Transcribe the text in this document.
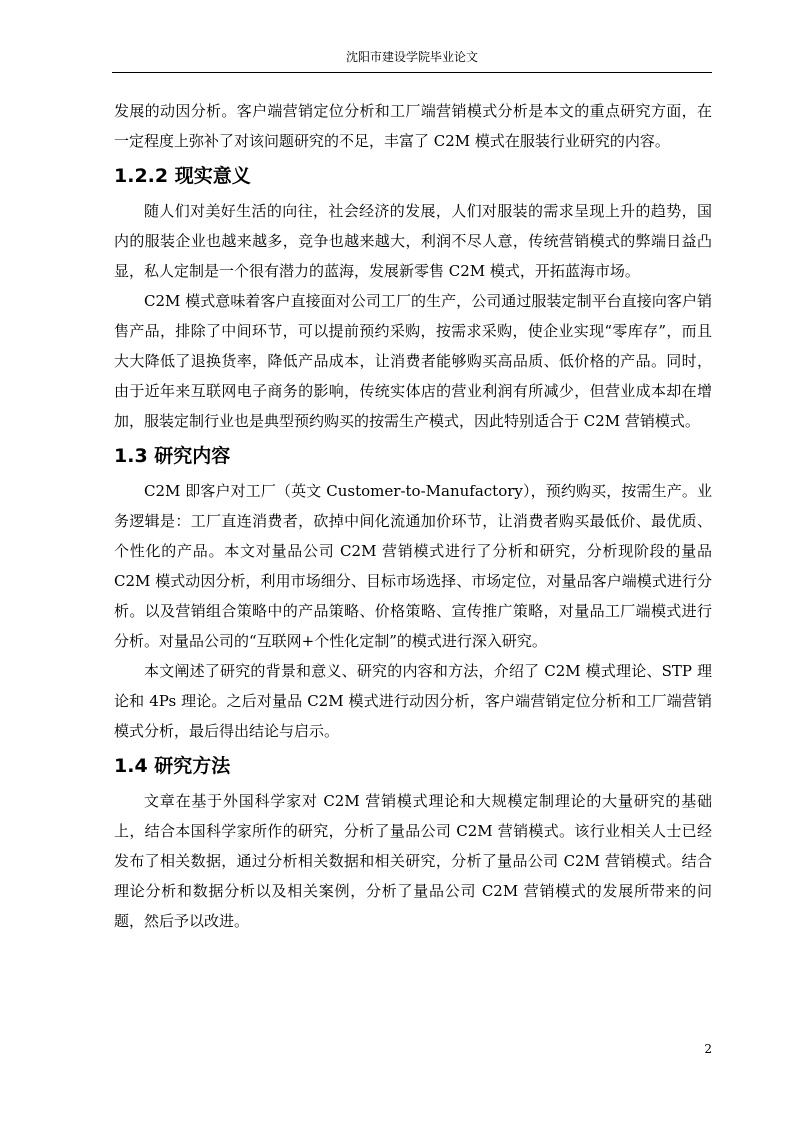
沈阳市建设学院毕业论文

发展的动因分析。客户端营销定位分析和工厂端营销模式分析是本文的重点研究方面，在一定程度上弥补了对该问题研究的不足，丰富了 C2M 模式在服装行业研究的内容。

1.2.2 现实意义

随人们对美好生活的向往，社会经济的发展，人们对服装的需求呈现上升的趋势，国内的服装企业也越来越多，竞争也越来越大，利润不尽人意，传统营销模式的弊端日益凸显，私人定制是一个很有潜力的蓝海，发展新零售 C2M 模式，开拓蓝海市场。

C2M 模式意味着客户直接面对公司工厂的生产，公司通过服装定制平台直接向客户销售产品，排除了中间环节，可以提前预约采购，按需求采购，使企业实现“零库存”，而且大大降低了退换货率，降低产品成本，让消费者能够购买高品质、低价格的产品。同时，由于近年来互联网电子商务的影响，传统实体店的营业利润有所减少，但营业成本却在增加，服装定制行业也是典型预约购买的按需生产模式，因此特别适合于 C2M 营销模式。

1.3 研究内容

C2M 即客户对工厂（英文 Customer-to-Manufactory），预约购买，按需生产。业务逻辑是：工厂直连消费者，砍掉中间化流通加价环节，让消费者购买最低价、最优质、个性化的产品。本文对量品公司 C2M 营销模式进行了分析和研究，分析现阶段的量品 C2M 模式动因分析，利用市场细分、目标市场选择、市场定位，对量品客户端模式进行分析。以及营销组合策略中的产品策略、价格策略、宣传推广策略，对量品工厂端模式进行分析。对量品公司的“互联网+个性化定制”的模式进行深入研究。

本文阐述了研究的背景和意义、研究的内容和方法，介绍了 C2M 模式理论、STP 理论和 4Ps 理论。之后对量品 C2M 模式进行动因分析，客户端营销定位分析和工厂端营销模式分析，最后得出结论与启示。

1.4 研究方法

文章在基于外国科学家对 C2M 营销模式理论和大规模定制理论的大量研究的基础上，结合本国科学家所作的研究，分析了量品公司 C2M 营销模式。该行业相关人士已经发布了相关数据，通过分析相关数据和相关研究，分析了量品公司 C2M 营销模式。结合理论分析和数据分析以及相关案例，分析了量品公司 C2M 营销模式的发展所带来的问题，然后予以改进。

2
